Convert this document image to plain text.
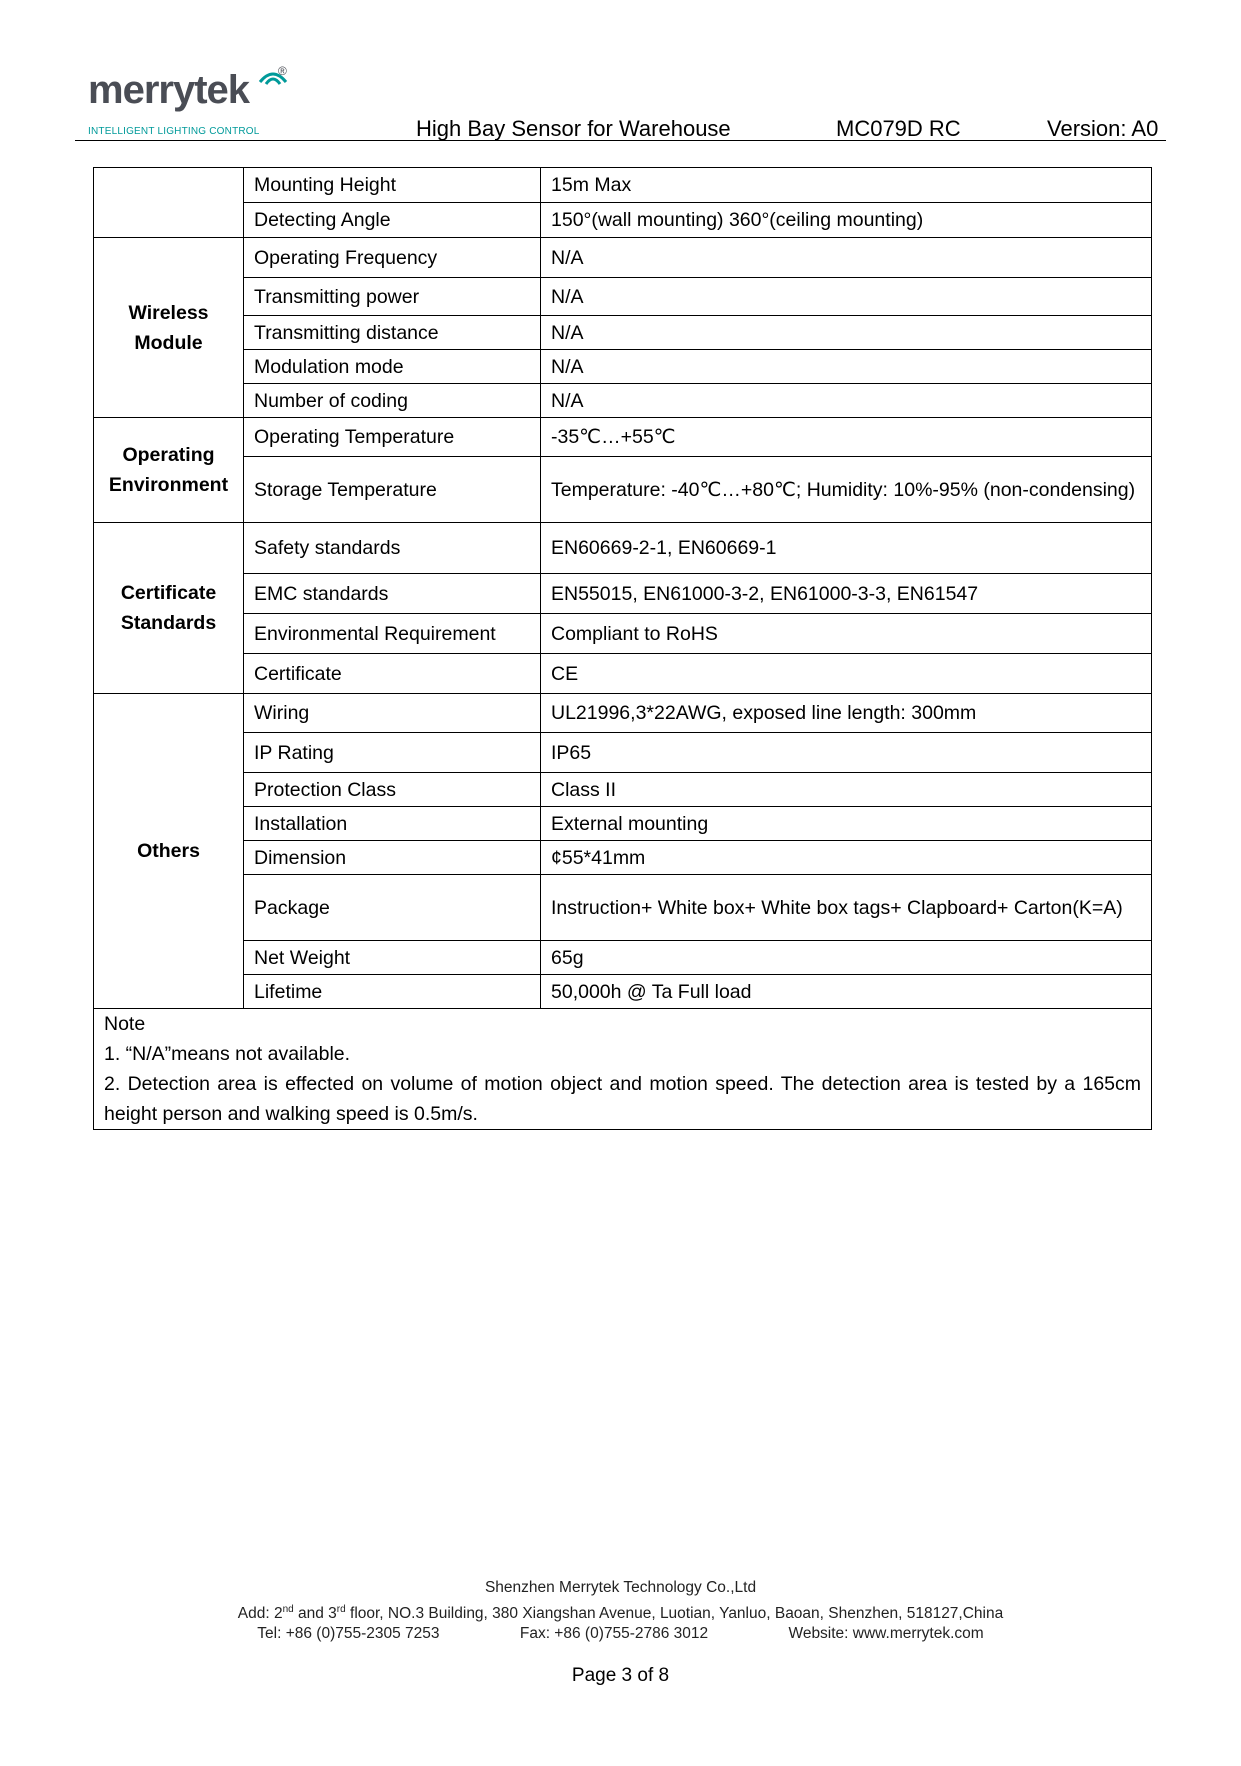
merrytek ®
INTELLIGENT LIGHTING CONTROL	High Bay Sensor for Warehouse	MC079D RC	Version: A0
	Mounting Height	15m Max
	Detecting Angle	150°(wall mounting) 360°(ceiling mounting)

Wireless
Module	Operating Frequency	N/A
	Transmitting power	N/A
	Transmitting distance	N/A
	Modulation mode	N/A
	Number of coding	N/A

Operating
Environment	Operating Temperature	-35℃…+55℃
	Storage Temperature	Temperature: -40℃…+80℃; Humidity: 10%-95% (non-condensing)

Certificate
Standards	Safety standards	EN60669-2-1, EN60669-1
	EMC standards	EN55015, EN61000-3-2, EN61000-3-3, EN61547
	Environmental Requirement	Compliant to RoHS
	Certificate	CE

Others	Wiring	UL21996,3*22AWG, exposed line length: 300mm
	IP Rating	IP65
	Protection Class	Class II
	Installation	External mounting
	Dimension	¢55*41mm
	Package	Instruction+ White box+ White box tags+ Clapboard+ Carton(K=A)

	Net Weight	65g
	Lifetime	50,000h @ Ta Full load

Note
1. “N/A”means not available.
2. Detection area is effected on volume of motion object and motion speed. The detection area is tested by a 165cm height person and walking speed is 0.5m/s.		
Shenzhen Merrytek Technology Co.,Ltd
Add: 2nd and 3rd floor, NO.3 Building, 380 Xiangshan Avenue, Luotian, Yanluo, Baoan, Shenzhen, 518127,China
Tel: +86 (0)755-2305 7253	Fax: +86 (0)755-2786 3012	Website: www.merrytek.com
Page 3 of 8
